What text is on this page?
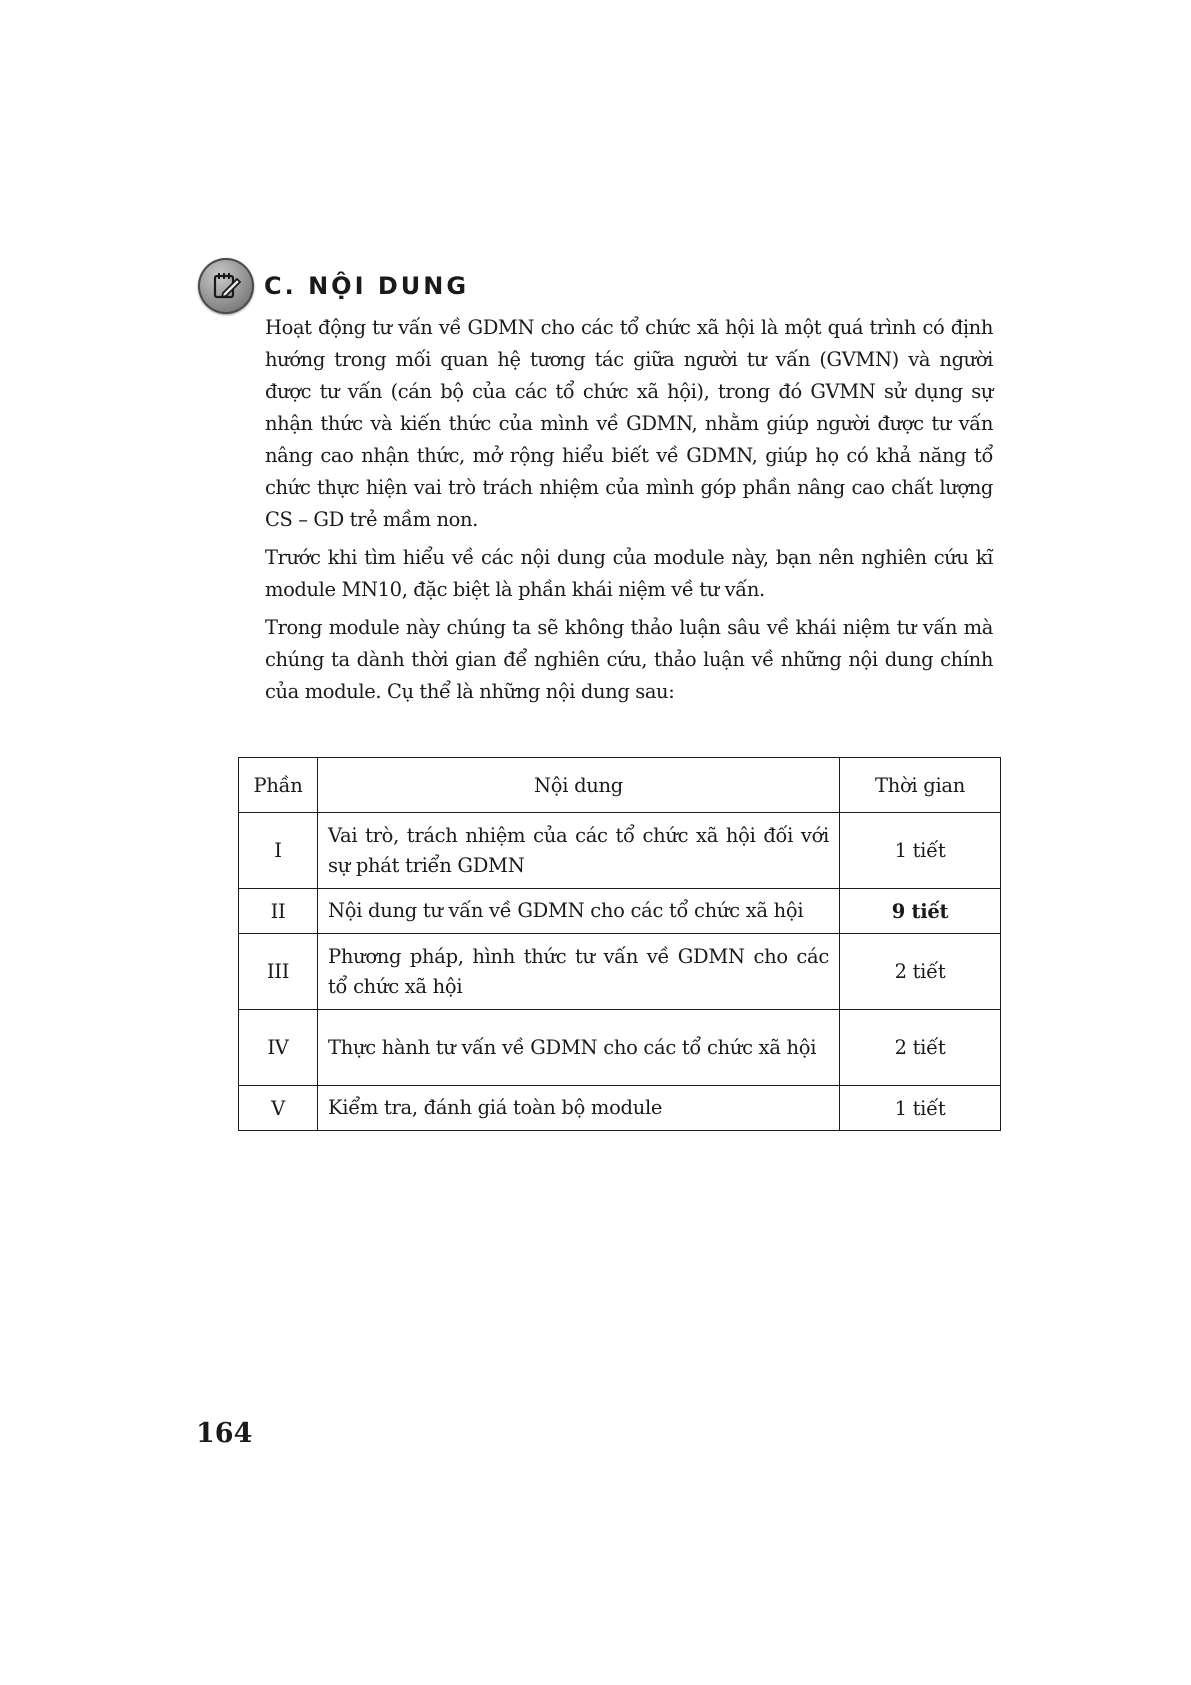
C. NỘI DUNG

Hoạt động tư vấn về GDMN cho các tổ chức xã hội là một quá trình có định hướng trong mối quan hệ tương tác giữa người tư vấn (GVMN) và người được tư vấn (cán bộ của các tổ chức xã hội), trong đó GVMN sử dụng sự nhận thức và kiến thức của mình về GDMN, nhằm giúp người được tư vấn nâng cao nhận thức, mở rộng hiểu biết về GDMN, giúp họ có khả năng tổ chức thực hiện vai trò trách nhiệm của mình góp phần nâng cao chất lượng CS – GD trẻ mầm non.

Trước khi tìm hiểu về các nội dung của module này, bạn nên nghiên cứu kĩ module MN10, đặc biệt là phần khái niệm về tư vấn.

Trong module này chúng ta sẽ không thảo luận sâu về khái niệm tư vấn mà chúng ta dành thời gian để nghiên cứu, thảo luận về những nội dung chính của module. Cụ thể là những nội dung sau:

Phần	Nội dung	Thời gian
I	Vai trò, trách nhiệm của các tổ chức xã hội đối với sự phát triển GDMN	1 tiết
II	Nội dung tư vấn về GDMN cho các tổ chức xã hội	9 tiết
III	Phương pháp, hình thức tư vấn về GDMN cho các tổ chức xã hội	2 tiết
IV	Thực hành tư vấn về GDMN cho các tổ chức xã hội	2 tiết
V	Kiểm tra, đánh giá toàn bộ module	1 tiết
164
